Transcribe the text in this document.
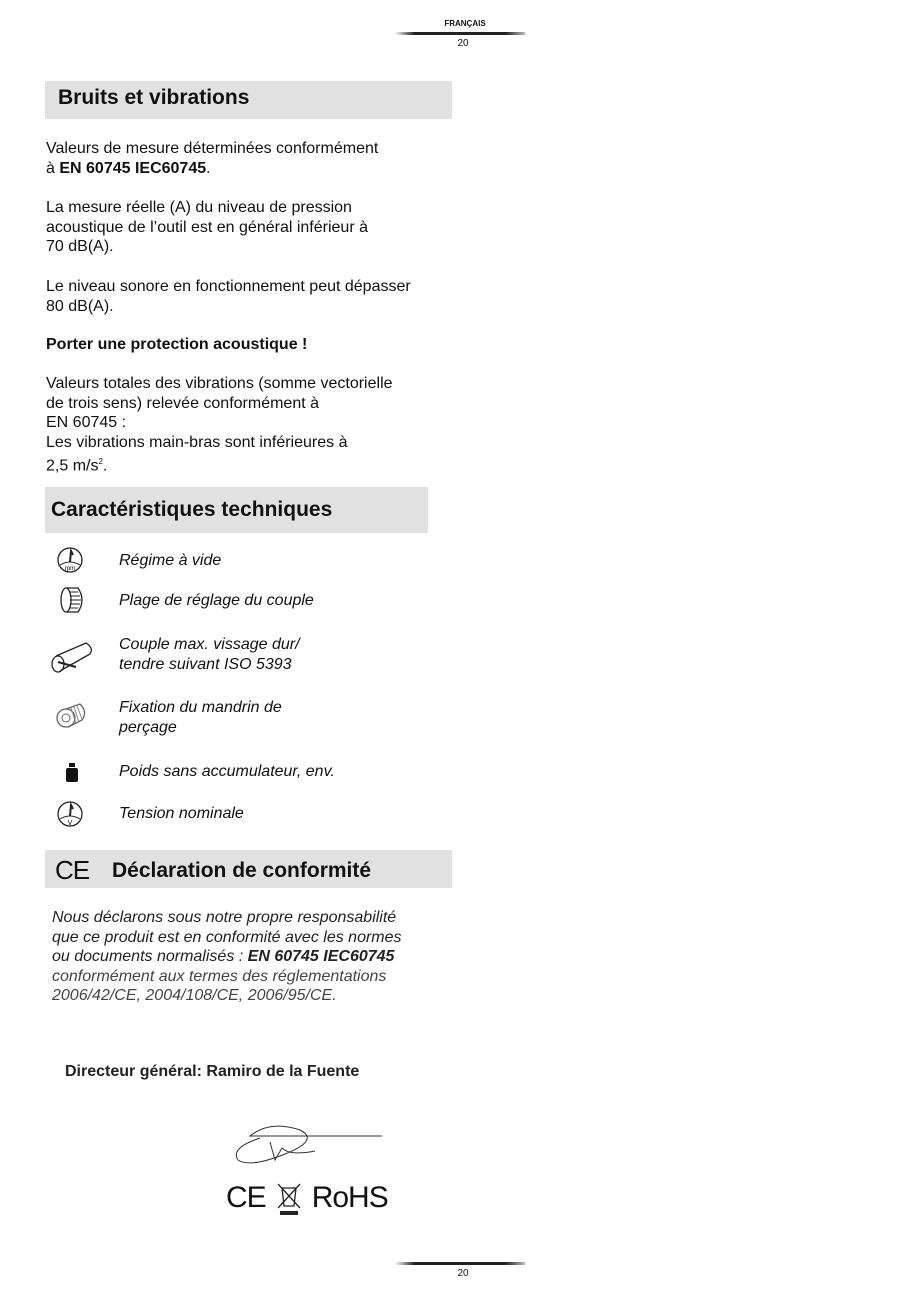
FRANÇAIS
20
Bruits et vibrations
Valeurs de mesure déterminées conformément
à EN 60745 IEC60745.
La mesure réelle (A) du niveau de pression
acoustique de l’outil est en général inférieur à
70 dB(A).
Le niveau sonore en fonctionnement peut dépasser
80 dB(A).
Porter une protection acoustique !
Valeurs totales des vibrations (somme vectorielle
de trois sens) relevée conformément à
EN 60745 :
Les vibrations main-bras sont inférieures à
2,5 $m/s^2$.
Caractéristiques techniques
rpm	Régime à vide
Plage de réglage du couple
Couple max. vissage dur/
tendre suivant ISO 5393
Fixation du mandrin de
perçage
Poids sans accumulateur, env.
V
Tension nominale
CE Déclaration de conformité
Nous déclarons sous notre propre responsabilité
que ce produit est en conformité avec les normes
ou documents normalisés : EN 60745 IEC60745
conformément aux termes des réglementations
2006/42/CE, 2004/108/CE, 2006/95/CE.
Directeur général: Ramiro de la Fuente
CE RoHS
20
